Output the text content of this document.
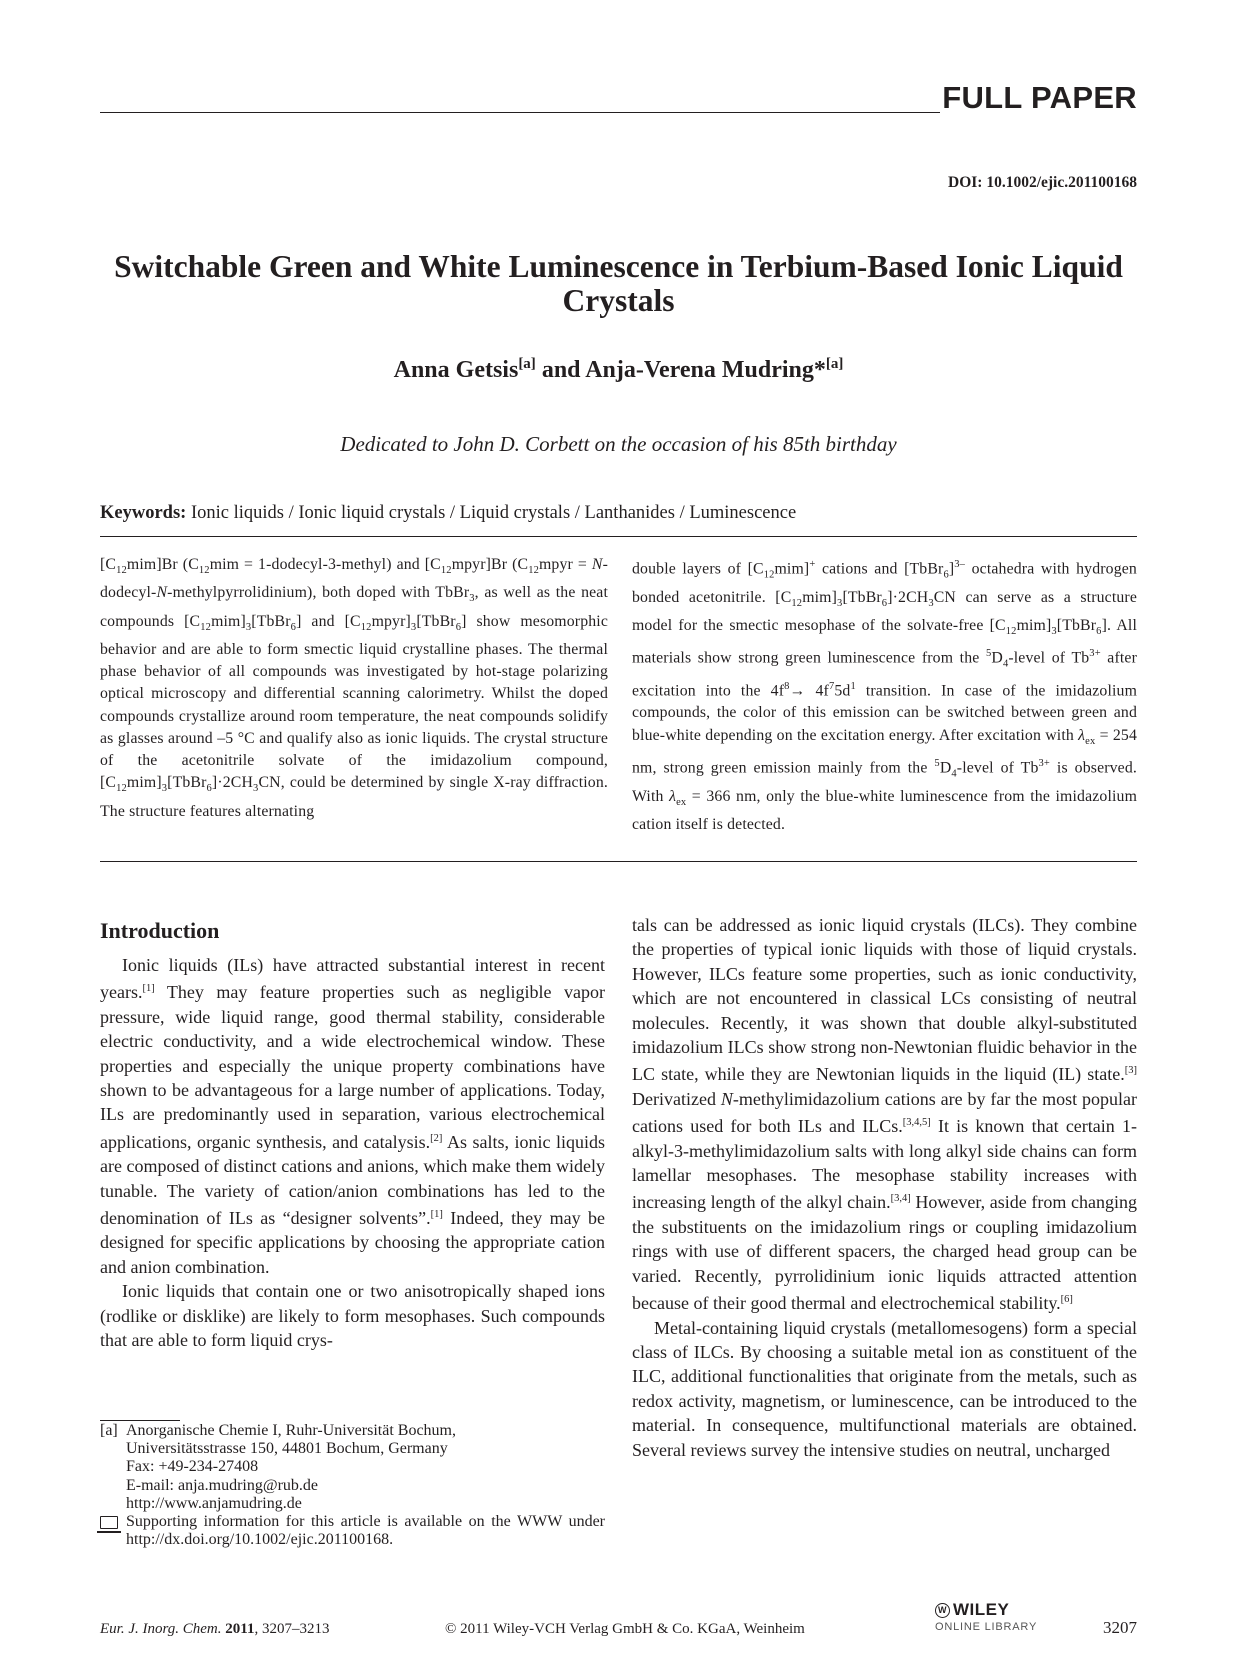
FULL PAPER
DOI: 10.1002/ejic.201100168
Switchable Green and White Luminescence in Terbium-Based Ionic Liquid Crystals
Anna Getsis[a] and Anja-Verena Mudring*[a]
Dedicated to John D. Corbett on the occasion of his 85th birthday
Keywords: Ionic liquids / Ionic liquid crystals / Liquid crystals / Lanthanides / Luminescence
$[C_{12}mim]Br$ ($C_{12}mim$ = 1-dodecyl-3-methyl) and $[C_{12}mpyr]Br$ ($C_{12}mpyr$ = N-dodecyl-N-methylpyrrolidinium), both doped with TbBr$_3$, as well as the neat compounds $[C_{12}mim]_3[TbBr_6]$ and $[C_{12}mpyr]_3[TbBr_6]$ show mesomorphic behavior and are able to form smectic liquid crystalline phases. The thermal phase behavior of all compounds was investigated by hot-stage polarizing optical microscopy and differential scanning calorimetry. Whilst the doped compounds crystallize around room temperature, the neat compounds solidify as glasses around –5 °C and qualify also as ionic liquids. The crystal structure of the acetonitrile solvate of the imidazolium compound, $[C_{12}mim]_3[TbBr_6]\cdot 2CH_3CN$, could be determined by single X-ray diffraction. The structure features alternating
double layers of $[C_{12}mim]^+$ cations and [TbBr$_6$]$^{3-}$ octahedra with hydrogen bonded acetonitrile. $[C_{12}mim]_3[TbBr_6]\cdot 2CH_3CN$ can serve as a structure model for the smectic mesophase of the solvate-free $[C_{12}mim]_3[TbBr_6]$. All materials show strong green luminescence from the $^5D_4$-level of $Tb^{3+}$ after excitation into the $4f^8\to 4f^75d^1$ transition. In case of the imidazolium compounds, the color of this emission can be switched between green and blue-white depending on the excitation energy. After excitation with $\lambda_{ex} = 254$ nm, strong green emission mainly from the $^5D_4$-level of $Tb^{3+}$ is observed. With $\lambda_{ex} = 366$ nm, only the blue-white luminescence from the imidazolium cation itself is detected.
Introduction

Ionic liquids (ILs) have attracted substantial interest in recent years.[1] They may feature properties such as negligible vapor pressure, wide liquid range, good thermal stability, considerable electric conductivity, and a wide electrochemical window. These properties and especially the unique property combinations have shown to be advantageous for a large number of applications. Today, ILs are predominantly used in separation, various electrochemical applications, organic synthesis, and catalysis.[2] As salts, ionic liquids are composed of distinct cations and anions, which make them widely tunable. The variety of cation/anion combinations has led to the denomination of ILs as “designer solvents”.[1] Indeed, they may be designed for specific applications by choosing the appropriate cation and anion combination.

Ionic liquids that contain one or two anisotropically shaped ions (rodlike or disklike) are likely to form mesophases. Such compounds that are able to form liquid crys-

tals can be addressed as ionic liquid crystals (ILCs). They combine the properties of typical ionic liquids with those of liquid crystals. However, ILCs feature some properties, such as ionic conductivity, which are not encountered in classical LCs consisting of neutral molecules. Recently, it was shown that double alkyl-substituted imidazolium ILCs show strong non-Newtonian fluidic behavior in the LC state, while they are Newtonian liquids in the liquid (IL) state.[3] Derivatized N-methylimidazolium cations are by far the most popular cations used for both ILs and ILCs.[3,4,5] It is known that certain 1-alkyl-3-methylimidazolium salts with long alkyl side chains can form lamellar mesophases. The mesophase stability increases with increasing length of the alkyl chain.[3,4] However, aside from changing the substituents on the imidazolium rings or coupling imidazolium rings with use of different spacers, the charged head group can be varied. Recently, pyrrolidinium ionic liquids attracted attention because of their good thermal and electrochemical stability.[6]

Metal-containing liquid crystals (metallomesogens) form a special class of ILCs. By choosing a suitable metal ion as constituent of the ILC, additional functionalities that originate from the metals, such as redox activity, magnetism, or luminescence, can be introduced to the material. In consequence, multifunctional materials are obtained. Several reviews survey the intensive studies on neutral, uncharged

[a] Anorganische Chemie I, Ruhr-Universität Bochum,
Universitätsstrasse 150, 44801 Bochum, Germany
Fax: +49-234-27408
E-mail: anja.mudring@rub.de
http://www.anjamudring.de
Supporting information for this article is available on the WWW under http://dx.doi.org/10.1002/ejic.201100168.
Eur. J. Inorg. Chem. 2011, 3207–3213	© 2011 Wiley-VCH Verlag GmbH & Co. KGaA, Weinheim
W WILEY
ONLINE LIBRARY	3207
